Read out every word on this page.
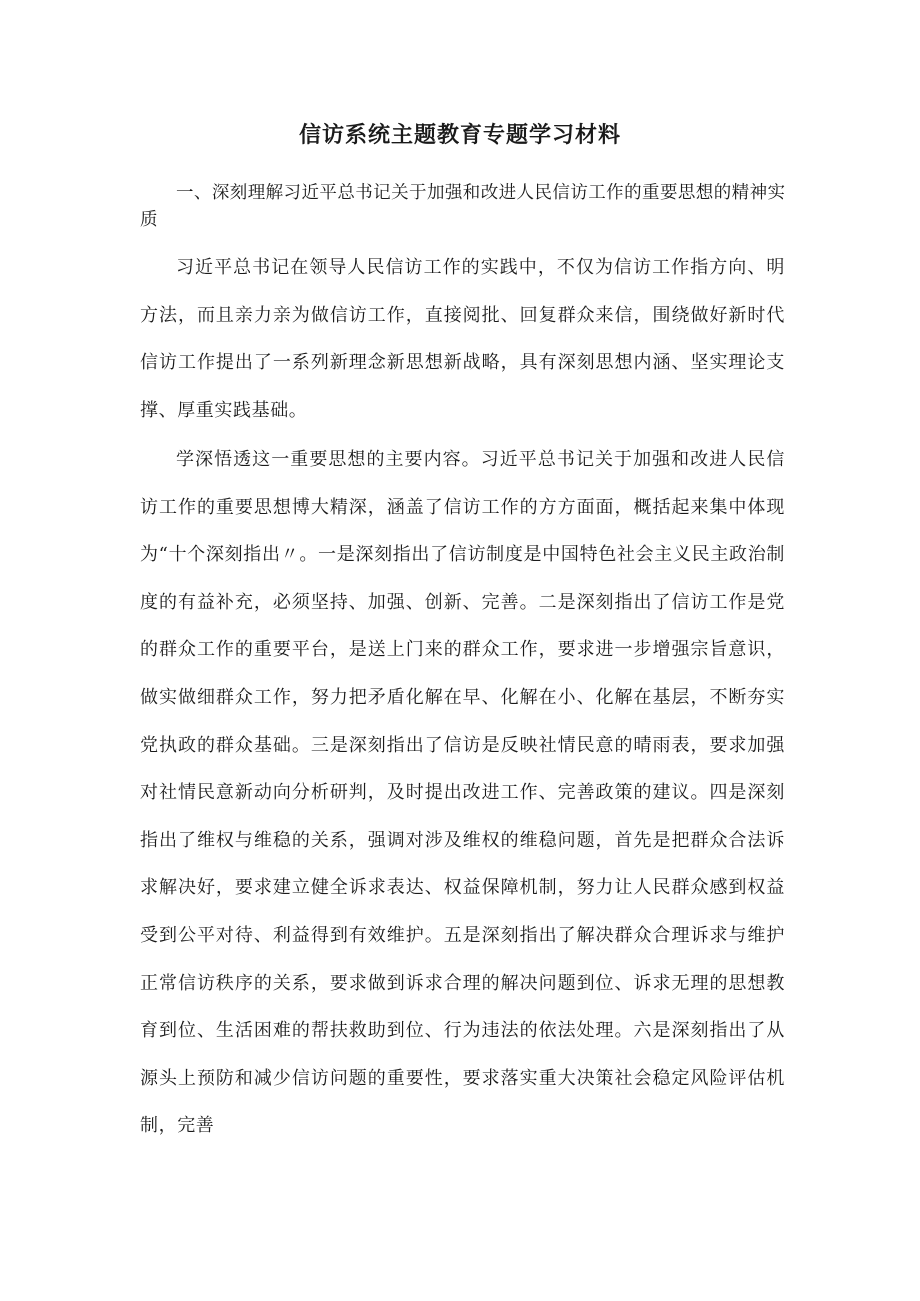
信访系统主题教育专题学习材料

一、深刻理解习近平总书记关于加强和改进人民信访工作的重要思想的精神实质

习近平总书记在领导人民信访工作的实践中，不仅为信访工作指方向、明方法，而且亲力亲为做信访工作，直接阅批、回复群众来信，围绕做好新时代信访工作提出了一系列新理念新思想新战略，具有深刻思想内涵、坚实理论支撑、厚重实践基础。

学深悟透这一重要思想的主要内容。习近平总书记关于加强和改进人民信访工作的重要思想博大精深，涵盖了信访工作的方方面面，概括起来集中体现为“十个深刻指出〃。一是深刻指出了信访制度是中国特色社会主义民主政治制度的有益补充，必须坚持、加强、创新、完善。二是深刻指出了信访工作是党的群众工作的重要平台，是送上门来的群众工作，要求进一步增强宗旨意识，做实做细群众工作，努力把矛盾化解在早、化解在小、化解在基层，不断夯实党执政的群众基础。三是深刻指出了信访是反映社情民意的晴雨表，要求加强对社情民意新动向分析研判，及时提出改进工作、完善政策的建议。四是深刻指出了维权与维稳的关系，强调对涉及维权的维稳问题，首先是把群众合法诉求解决好，要求建立健全诉求表达、权益保障机制，努力让人民群众感到权益受到公平对待、利益得到有效维护。五是深刻指出了解决群众合理诉求与维护正常信访秩序的关系，要求做到诉求合理的解决问题到位、诉求无理的思想教育到位、生活困难的帮扶救助到位、行为违法的依法处理。六是深刻指出了从源头上预防和减少信访问题的重要性，要求落实重大决策社会稳定风险评估机制，完善
